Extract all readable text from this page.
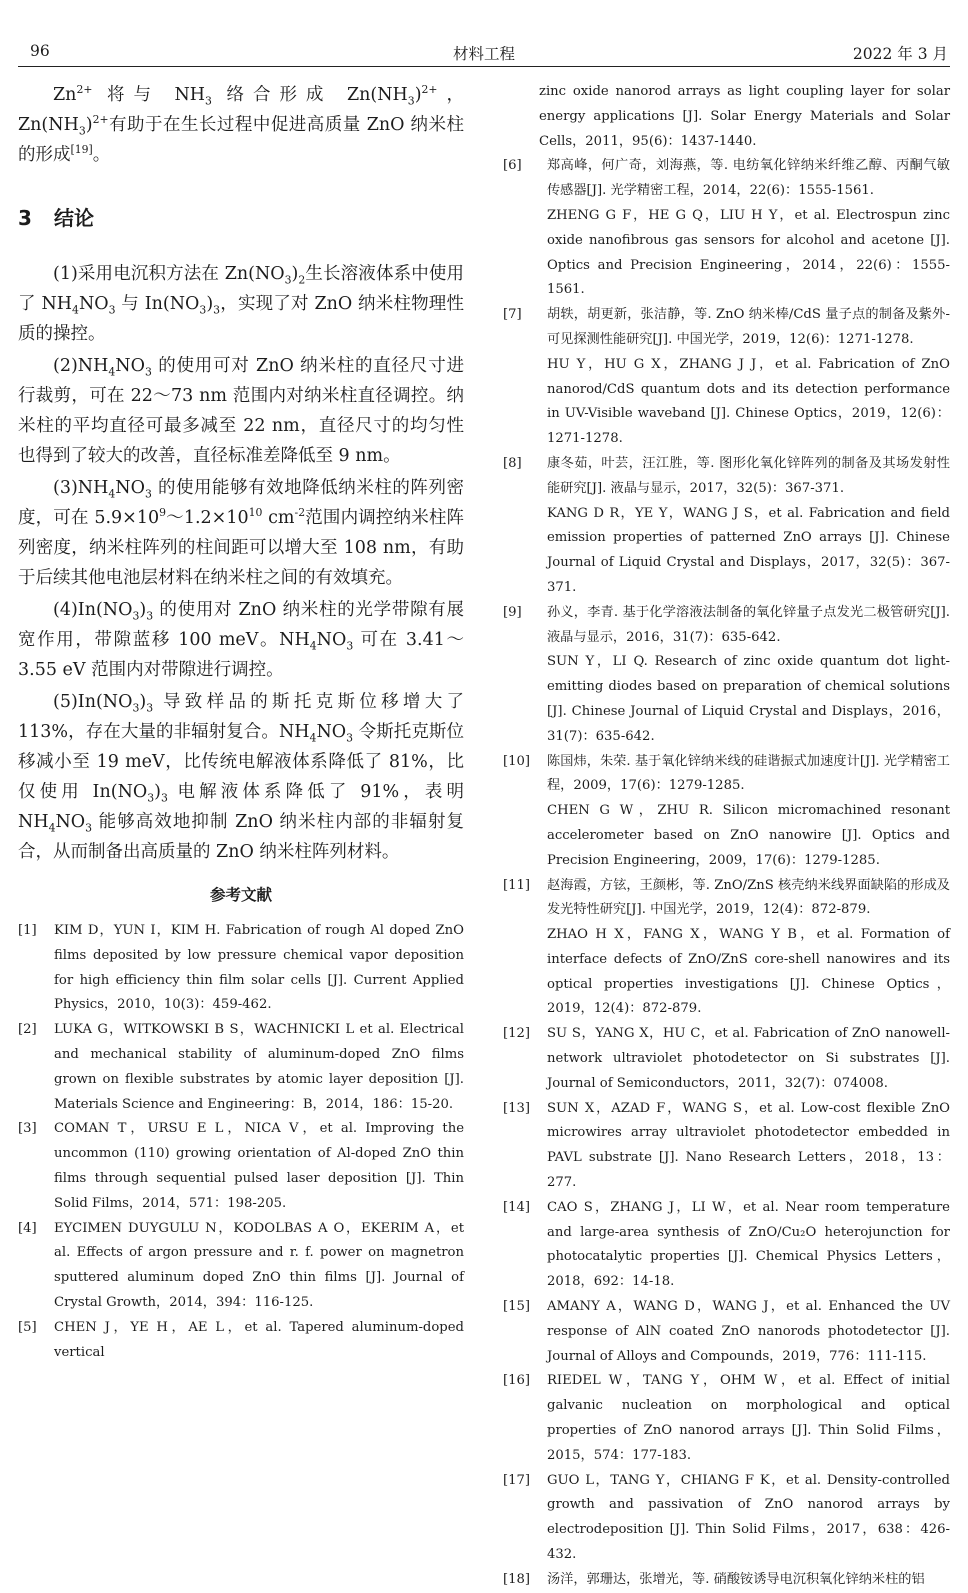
96	材料工程	2022 年 3 月

$Zn^{2+}$ 将与 $NH_3$ 络合形成 $Zn(NH_3)^{2+}$，$Zn(NH_3)^{2+}$有助于在生长过程中促进高质量 ZnO 纳米柱的形成[19]。

3 结论

(1)采用电沉积方法在 $Zn(NO_3)_2$生长溶液体系中使用了 $NH_4NO_3$ 与 $In(NO_3)_3$，实现了对 ZnO 纳米柱物理性质的操控。

$(2)NH_4NO_3$ 的使用可对 ZnO 纳米柱的直径尺寸进行裁剪，可在 22～73 nm 范围内对纳米柱直径调控。纳米柱的平均直径可最多减至 22 nm，直径尺寸的均匀性也得到了较大的改善，直径标准差降低至 9 nm。

$(3)NH_4NO_3$ 的使用能够有效地降低纳米柱的阵列密度，可在 $5.9\times 10^9\sim 1.2\times 10^{10}$ $cm^{-2}$范围内调控纳米柱阵列密度，纳米柱阵列的柱间距可以增大至 108 nm，有助于后续其他电池层材料在纳米柱之间的有效填充。

$(4)In(NO_3)_3$ 的使用对 ZnO 纳米柱的光学带隙有展宽作用，带隙蓝移 100 meV。$NH_4NO_3$ 可在 3.41～3.55 eV 范围内对带隙进行调控。

$(5)In(NO_3)_3$ 导致样品的斯托克斯位移增大了 113%，存在大量的非辐射复合。$NH_4NO_3$ 令斯托克斯位移减小至 19 meV，比传统电解液体系降低了 81%，比仅使用 $In(NO_3)_3$ 电解液体系降低了 91%，表明 $NH_4NO_3$ 能够高效地抑制 ZnO 纳米柱内部的非辐射复合，从而制备出高质量的 ZnO 纳米柱阵列材料。

参考文献
[1]	KIM D，YUN I，KIM H. Fabrication of rough Al doped ZnO films deposited by low pressure chemical vapor deposition for high efficiency thin film solar cells [J]. Current Applied Physics，2010，10(3)：459-462.
[2]	LUKA G，WITKOWSKI B S，WACHNICKI L et al. Electrical and mechanical stability of aluminum-doped ZnO films grown on flexible substrates by atomic layer deposition [J]. Materials Science and Engineering：B，2014，186：15-20.
[3]	COMAN T，URSU E L，NICA V，et al. Improving the uncommon (110) growing orientation of Al-doped ZnO thin films through sequential pulsed laser deposition [J]. Thin Solid Films，2014，571：198-205.
[4]	EYCIMEN DUYGULU N，KODOLBAS A O，EKERIM A，et al. Effects of argon pressure and r. f. power on magnetron sputtered aluminum doped ZnO thin films [J]. Journal of Crystal Growth，2014，394：116-125.
[5]	CHEN J，YE H，AE L，et al. Tapered aluminum-doped vertical
zinc oxide nanorod arrays as light coupling layer for solar energy applications [J]. Solar Energy Materials and Solar Cells，2011，95(6)：1437-1440.
[6]	郑高峰，何广奇，刘海燕，等. 电纺氧化锌纳米纤维乙醇、丙酮气敏传感器[J]. 光学精密工程，2014，22(6)：1555-1561.
ZHENG G F，HE G Q，LIU H Y，et al. Electrospun zinc oxide nanofibrous gas sensors for alcohol and acetone [J]. Optics and Precision Engineering，2014，22(6)：1555-1561.
[7]	胡轶，胡更新，张洁静，等. ZnO 纳米棒/CdS 量子点的制备及紫外-可见探测性能研究[J]. 中国光学，2019，12(6)：1271-1278.
HU Y，HU G X，ZHANG J J，et al. Fabrication of ZnO nanorod/CdS quantum dots and its detection performance in UV-Visible waveband [J]. Chinese Optics，2019，12(6)：1271-1278.
[8]	康冬茹，叶芸，汪江胜，等. 图形化氧化锌阵列的制备及其场发射性能研究[J]. 液晶与显示，2017，32(5)：367-371.
KANG D R，YE Y，WANG J S，et al. Fabrication and field emission properties of patterned ZnO arrays [J]. Chinese Journal of Liquid Crystal and Displays，2017，32(5)：367-371.
[9]	孙义，李青. 基于化学溶液法制备的氧化锌量子点发光二极管研究[J]. 液晶与显示，2016，31(7)：635-642.
SUN Y，LI Q. Research of zinc oxide quantum dot light-emitting diodes based on preparation of chemical solutions [J]. Chinese Journal of Liquid Crystal and Displays，2016，31(7)：635-642.
[10]	陈国炜，朱荣. 基于氧化锌纳米线的硅谐振式加速度计[J]. 光学精密工程，2009，17(6)：1279-1285.
CHEN G W，ZHU R. Silicon micromachined resonant accelerometer based on ZnO nanowire [J]. Optics and Precision Engineering，2009，17(6)：1279-1285.
[11]	赵海霞，方铉，王颜彬，等. ZnO/ZnS 核壳纳米线界面缺陷的形成及发光特性研究[J]. 中国光学，2019，12(4)：872-879.
ZHAO H X，FANG X，WANG Y B，et al. Formation of interface defects of ZnO/ZnS core-shell nanowires and its optical properties investigations [J]. Chinese Optics，2019，12(4)：872-879.
[12]	SU S，YANG X，HU C，et al. Fabrication of ZnO nanowell-network ultraviolet photodetector on Si substrates [J]. Journal of Semiconductors，2011，32(7)：074008.
[13]	SUN X，AZAD F，WANG S，et al. Low-cost flexible ZnO microwires array ultraviolet photodetector embedded in PAVL substrate [J]. Nano Research Letters，2018，13：277.
[14]	CAO S，ZHANG J，LI W，et al. Near room temperature and large-area synthesis of ZnO/Cu₂O heterojunction for photocatalytic properties [J]. Chemical Physics Letters，2018，692：14-18.
[15]	AMANY A，WANG D，WANG J，et al. Enhanced the UV response of AlN coated ZnO nanorods photodetector [J]. Journal of Alloys and Compounds，2019，776：111-115.
[16]	RIEDEL W，TANG Y，OHM W，et al. Effect of initial galvanic nucleation on morphological and optical properties of ZnO nanorod arrays [J]. Thin Solid Films，2015，574：177-183.
[17]	GUO L，TANG Y，CHIANG F K，et al. Density-controlled growth and passivation of ZnO nanorod arrays by electrodeposition [J]. Thin Solid Films，2017，638：426-432.
[18]	汤洋，郭珊达，张增光，等. 硝酸铵诱导电沉积氧化锌纳米柱的铝
